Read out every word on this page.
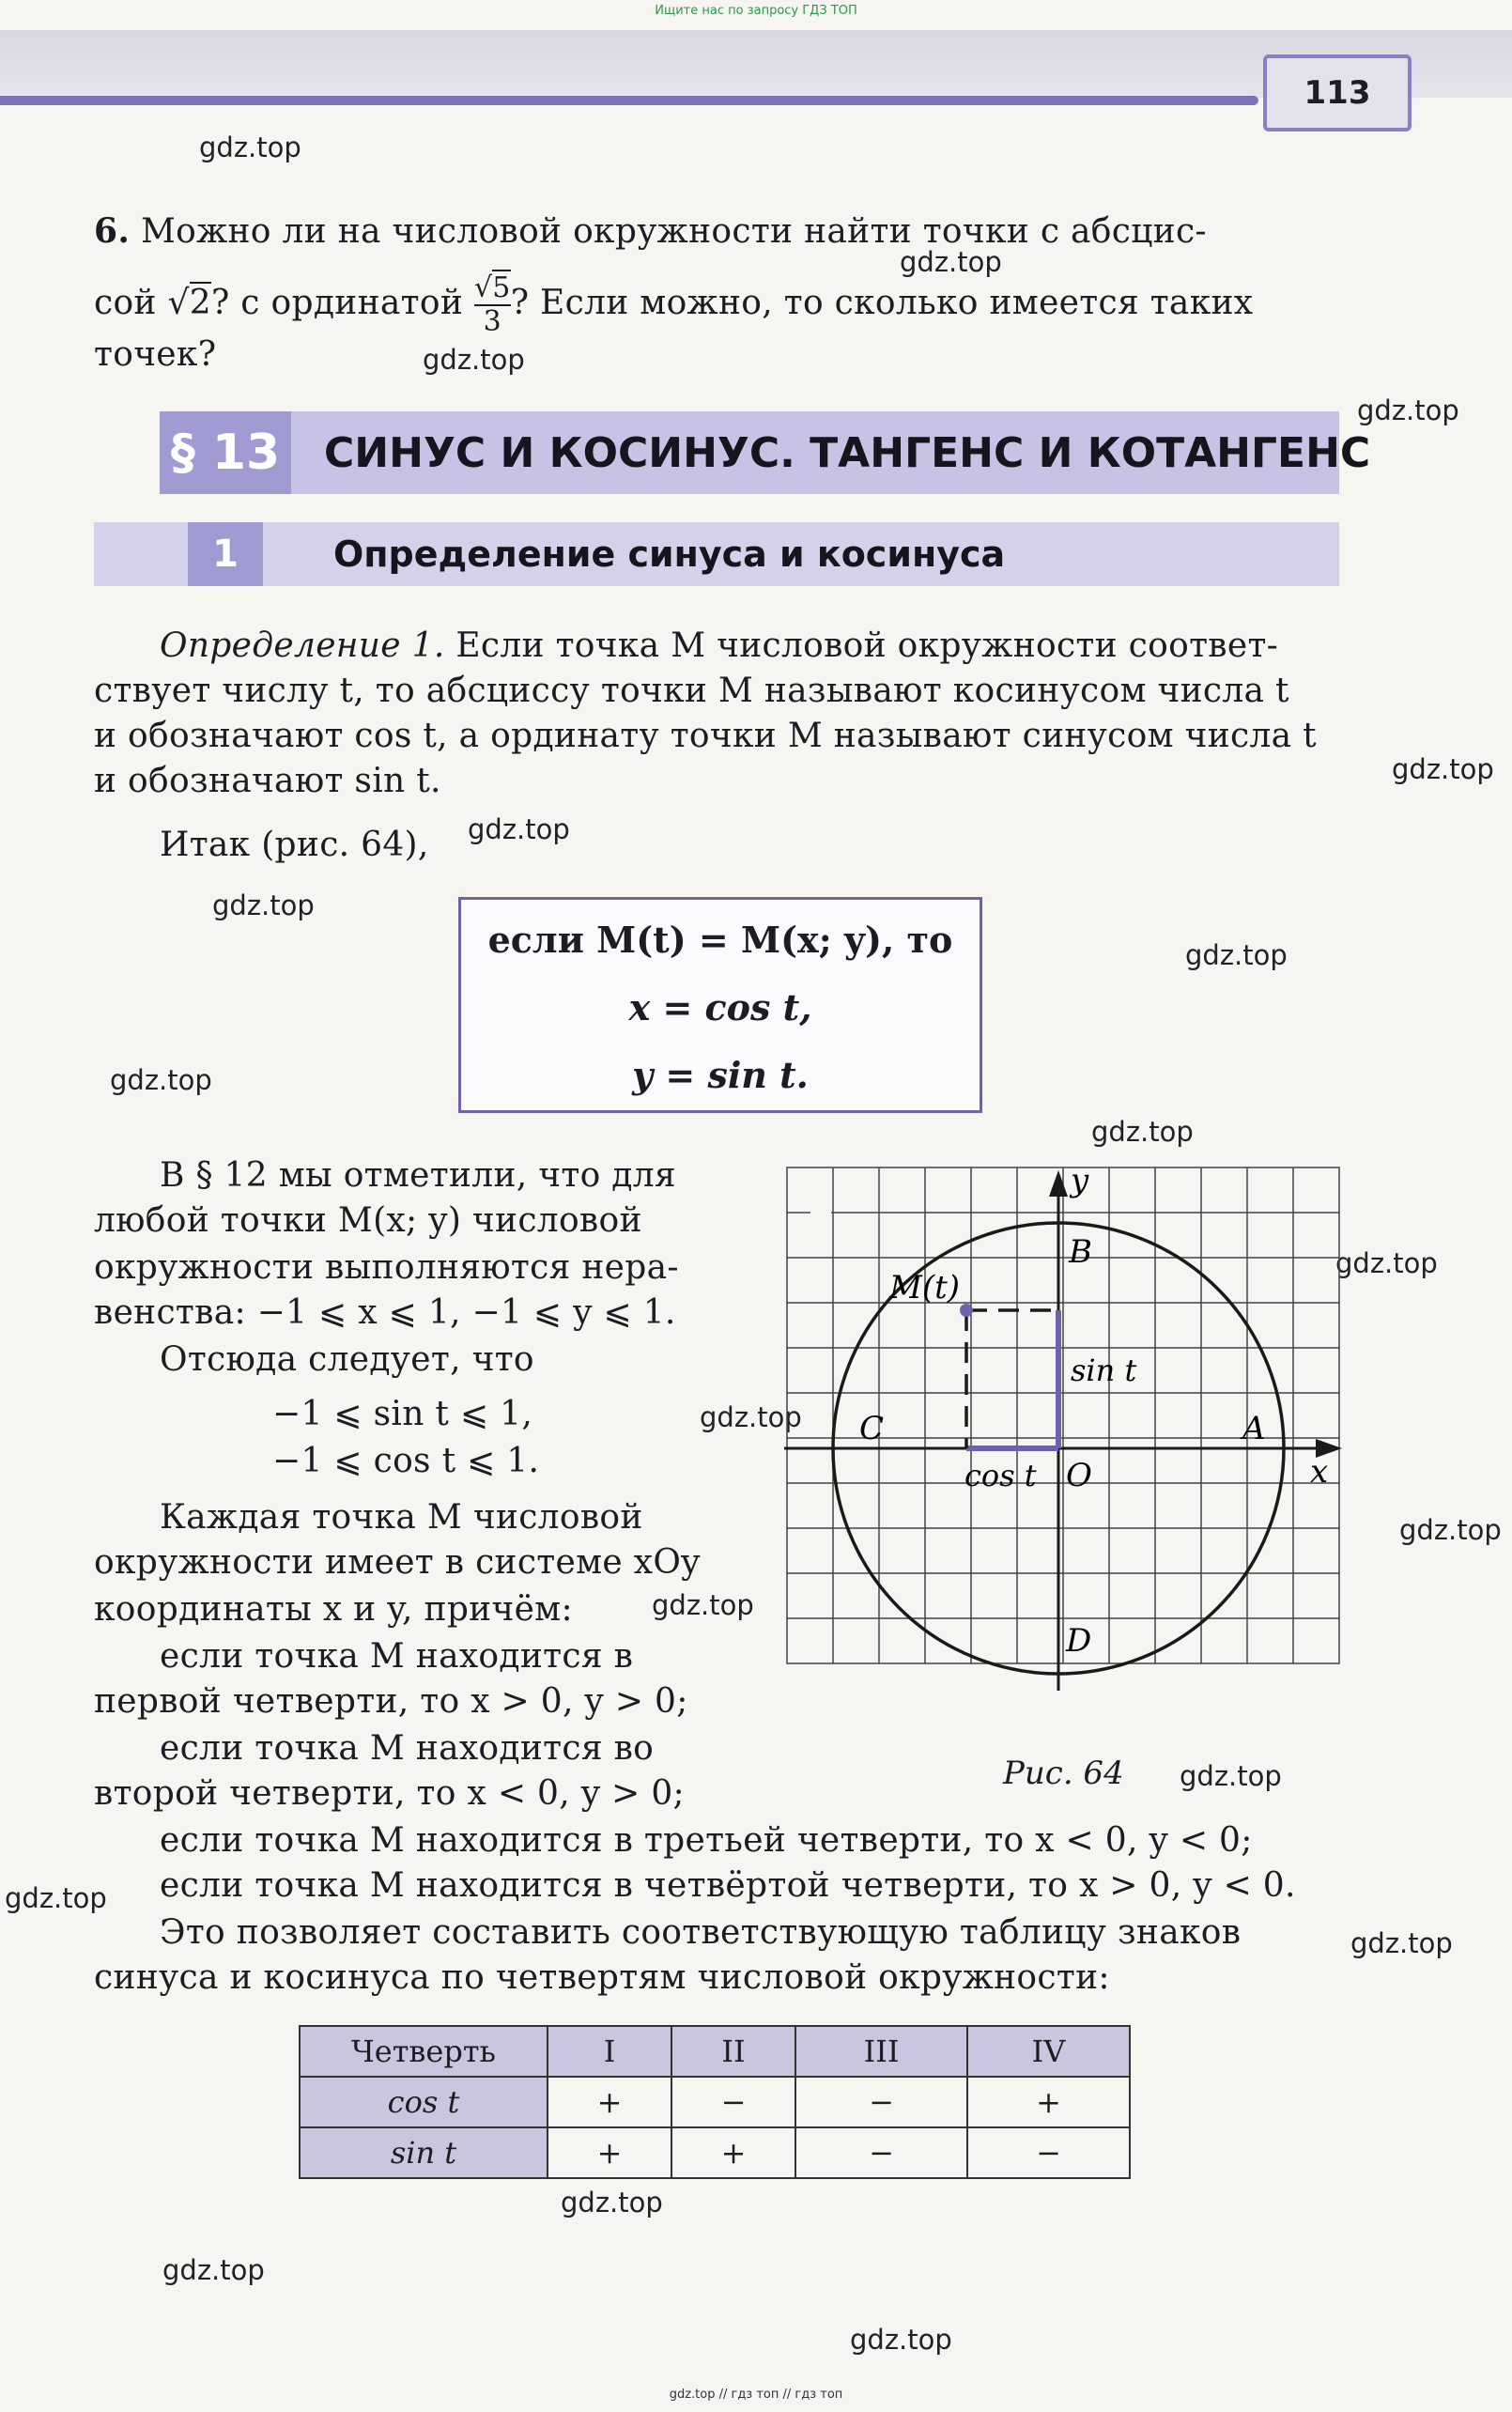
Ищите нас по запросу ГДЗ ТОП
113
gdz.top
gdz.top
gdz.top
gdz.top
gdz.top
gdz.top
gdz.top
gdz.top
gdz.top
gdz.top
gdz.top
gdz.top
gdz.top
gdz.top
gdz.top
gdz.top
gdz.top
gdz.top
gdz.top
gdz.top
6. Можно ли на числовой окружности найти точки с абсцис-
сой √2? с ординатой $\frac{√5}{3}$ ? Если можно, то сколько имеется таких
точек?
§ 13 СИНУС И КОСИНУС. ТАНГЕНС И КОТАНГЕНС
1	Определение синуса и косинуса
Определение 1. Если точка M числовой окружности соответ-
ствует числу t, то абсциссу точки M называют косинусом числа t
и обозначают cos t, а ординату точки M называют синусом числа t
и обозначают sin t.
Итак (рис. 64),
если M(t) = M(x; y), то
x = cos t,
y = sin t.
В § 12 мы отметили, что для
любой точки M(x; y) числовой
окружности выполняются нера-
венства: −1 ⩽ x ⩽ 1, −1 ⩽ y ⩽ 1.
Отсюда следует, что
−1 ⩽ sin t ⩽ 1,
−1 ⩽ cos t ⩽ 1.
Каждая точка M числовой
окружности имеет в системе xOy
координаты x и y, причём:
если точка M находится в
первой четверти, то x > 0, y > 0;
если точка M находится во
второй четверти, то x < 0, y > 0;
если точка M находится в третьей четверти, то x < 0, y < 0;
если точка M находится в четвёртой четверти, то x > 0, y < 0.
Это позволяет составить соответствующую таблицу знаков
синуса и косинуса по четвертям числовой окружности:
y
x
O
A
B
C
D
M(t)
sin t
cos t
Рис. 64
Четверть	I	II	III	IV
cos t	+	−	−	+
sin t	+	+	−	−
gdz.top // гдз топ // гдз топ
